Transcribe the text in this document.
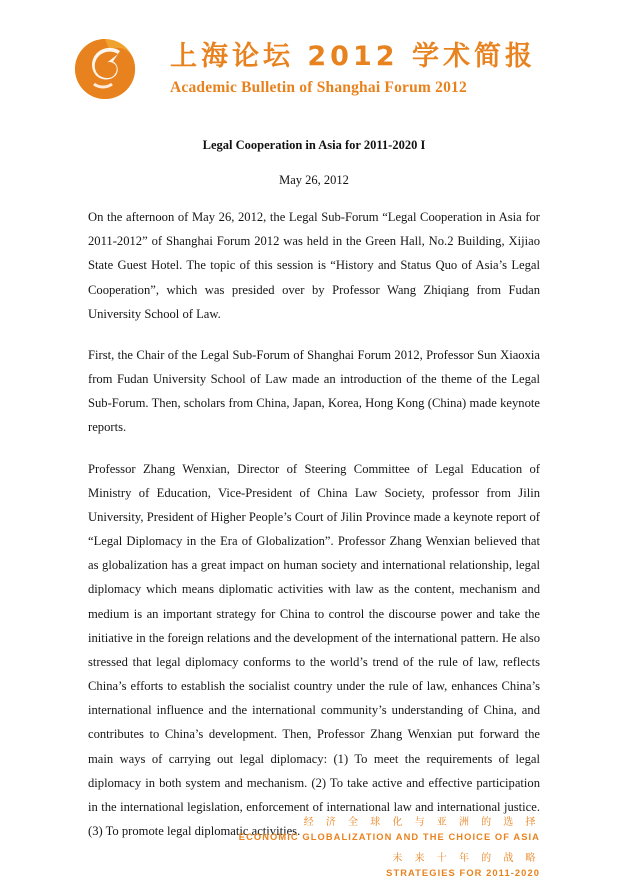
上海论坛 2012 学术简报
Academic Bulletin of Shanghai Forum 2012
Legal Cooperation in Asia for 2011-2020 I
May 26, 2012

On the afternoon of May 26, 2012, the Legal Sub-Forum “Legal Cooperation in Asia for 2011-2012” of Shanghai Forum 2012 was held in the Green Hall, No.2 Building, Xijiao State Guest Hotel. The topic of this session is “History and Status Quo of Asia’s Legal Cooperation”, which was presided over by Professor Wang Zhiqiang from Fudan University School of Law.

First, the Chair of the Legal Sub-Forum of Shanghai Forum 2012, Professor Sun Xiaoxia from Fudan University School of Law made an introduction of the theme of the Legal Sub-Forum. Then, scholars from China, Japan, Korea, Hong Kong (China) made keynote reports.

Professor Zhang Wenxian, Director of Steering Committee of Legal Education of Ministry of Education, Vice-President of China Law Society, professor from Jilin University, President of Higher People’s Court of Jilin Province made a keynote report of “Legal Diplomacy in the Era of Globalization”. Professor Zhang Wenxian believed that as globalization has a great impact on human society and international relationship, legal diplomacy which means diplomatic activities with law as the content, mechanism and medium is an important strategy for China to control the discourse power and take the initiative in the foreign relations and the development of the international pattern. He also stressed that legal diplomacy conforms to the world’s trend of the rule of law, reflects China’s efforts to establish the socialist country under the rule of law, enhances China’s international influence and the international community’s understanding of China, and contributes to China’s development. Then, Professor Zhang Wenxian put forward the main ways of carrying out legal diplomacy: (1) To meet the requirements of legal diplomacy in both system and mechanism. (2) To take active and effective participation in the international legislation, enforcement of international law and international justice. (3) To promote legal diplomatic activities.

经 济 全 球 化 与 亚 洲 的 选 择
ECONOMIC GLOBALIZATION AND THE CHOICE OF ASIA
未 来 十 年 的 战 略
STRATEGIES FOR 2011-2020
